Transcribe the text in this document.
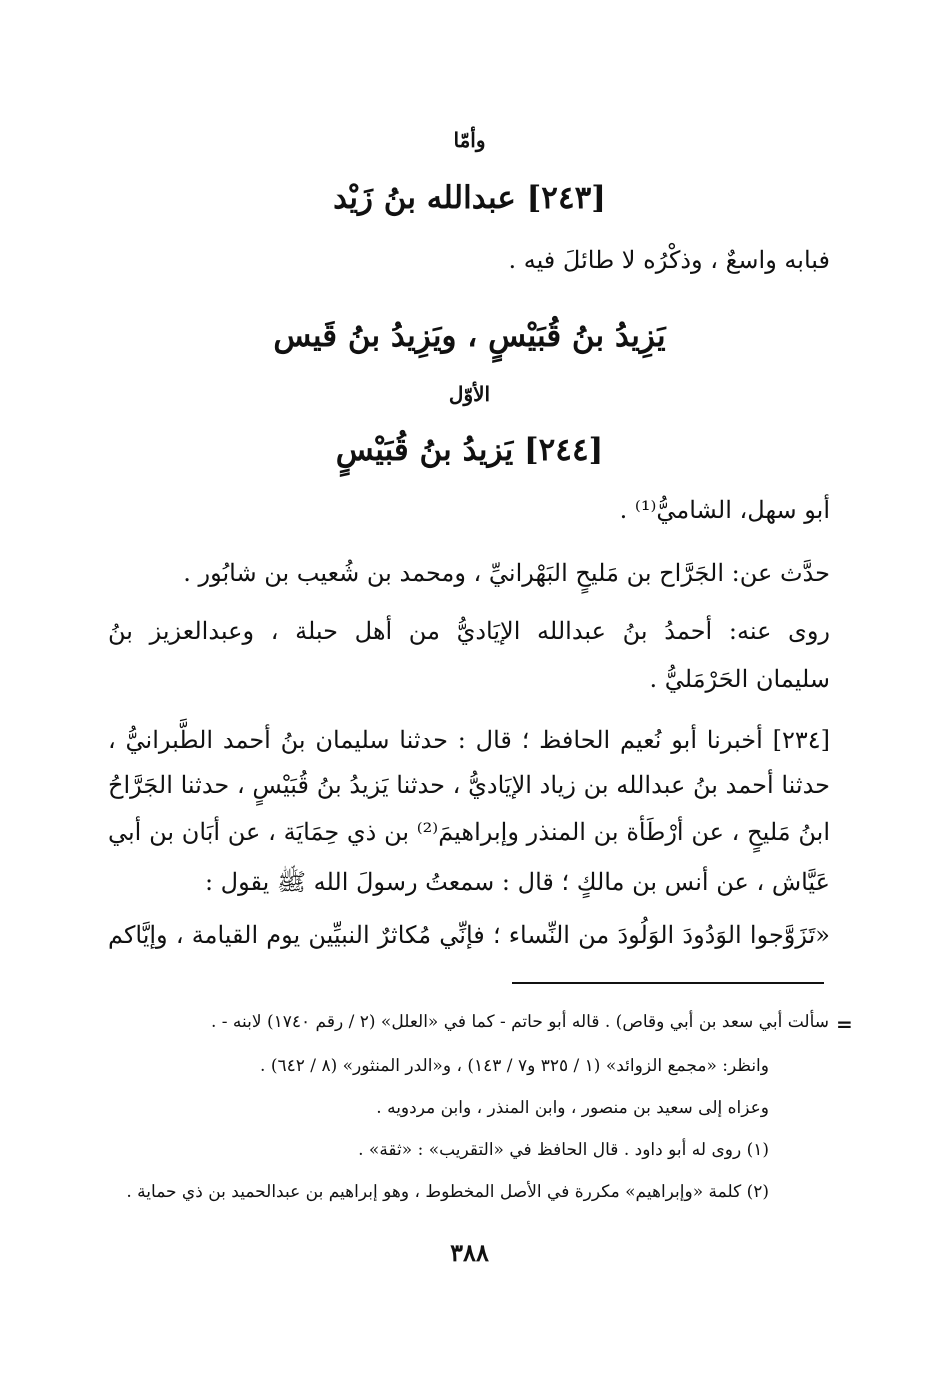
وأمّا
[٢٤٣] عبدالله بنُ زَيْد
فبابه واسعٌ ، وذكْرُه لا طائلَ فيه .
يَزِيدُ بنُ قُبَيْسٍ ، ويَزِيدُ بنُ قَيس
الأوّل
[٢٤٤] يَزيدُ بنُ قُبَيْسٍ
أبو سهل، الشاميُّ⁽¹⁾ .
حدَّث عن: الجَرَّاح بن مَليحٍ البَهْرانيِّ ، ومحمد بن شُعيب بن شابُور .
روى عنه: أحمدُ بنُ عبدالله الإيَاديُّ من أهل حبلة ، وعبدالعزيز بنُ
سليمان الحَرْمَليُّ .
[٢٣٤] أخبرنا أبو نُعيم الحافظ ؛ قال : حدثنا سليمان بنُ أحمد الطَّبرانيُّ ،
حدثنا أحمد بنُ عبدالله بن زياد الإيَاديُّ ، حدثنا يَزيدُ بنُ قُبَيْسٍ ، حدثنا الجَرَّاحُ
ابنُ مَليحٍ ، عن أرْطَأة بن المنذر وإبراهيمَ⁽²⁾ بن ذي حِمَايَة ، عن أبَان بن أبي
عَيَّاش ، عن أنس بن مالكٍ ؛ قال : سمعتُ رسولَ الله ﷺ يقول :
«تَزَوَّجوا الوَدُودَ الوَلُودَ من النِّساء ؛ فإنِّي مُكاثرٌ النبيِّين يوم القيامة ، وإيَّاكم
=
سألت أبي سعد بن أبي وقاص) . قاله أبو حاتم - كما في «العلل» (٢ / رقم ١٧٤٠) لابنه - .
وانظر: «مجمع الزوائد» (١ / ٣٢٥ و٧ / ١٤٣) ، و«الدر المنثور» (٨ / ٦٤٢) .
وعزاه إلى سعيد بن منصور ، وابن المنذر ، وابن مردويه .
(١) روى له أبو داود . قال الحافظ في «التقريب» : «ثقة» .
(٢) كلمة «وإبراهيم» مكررة في الأصل المخطوط ، وهو إبراهيم بن عبدالحميد بن ذي حماية .
٣٨٨
